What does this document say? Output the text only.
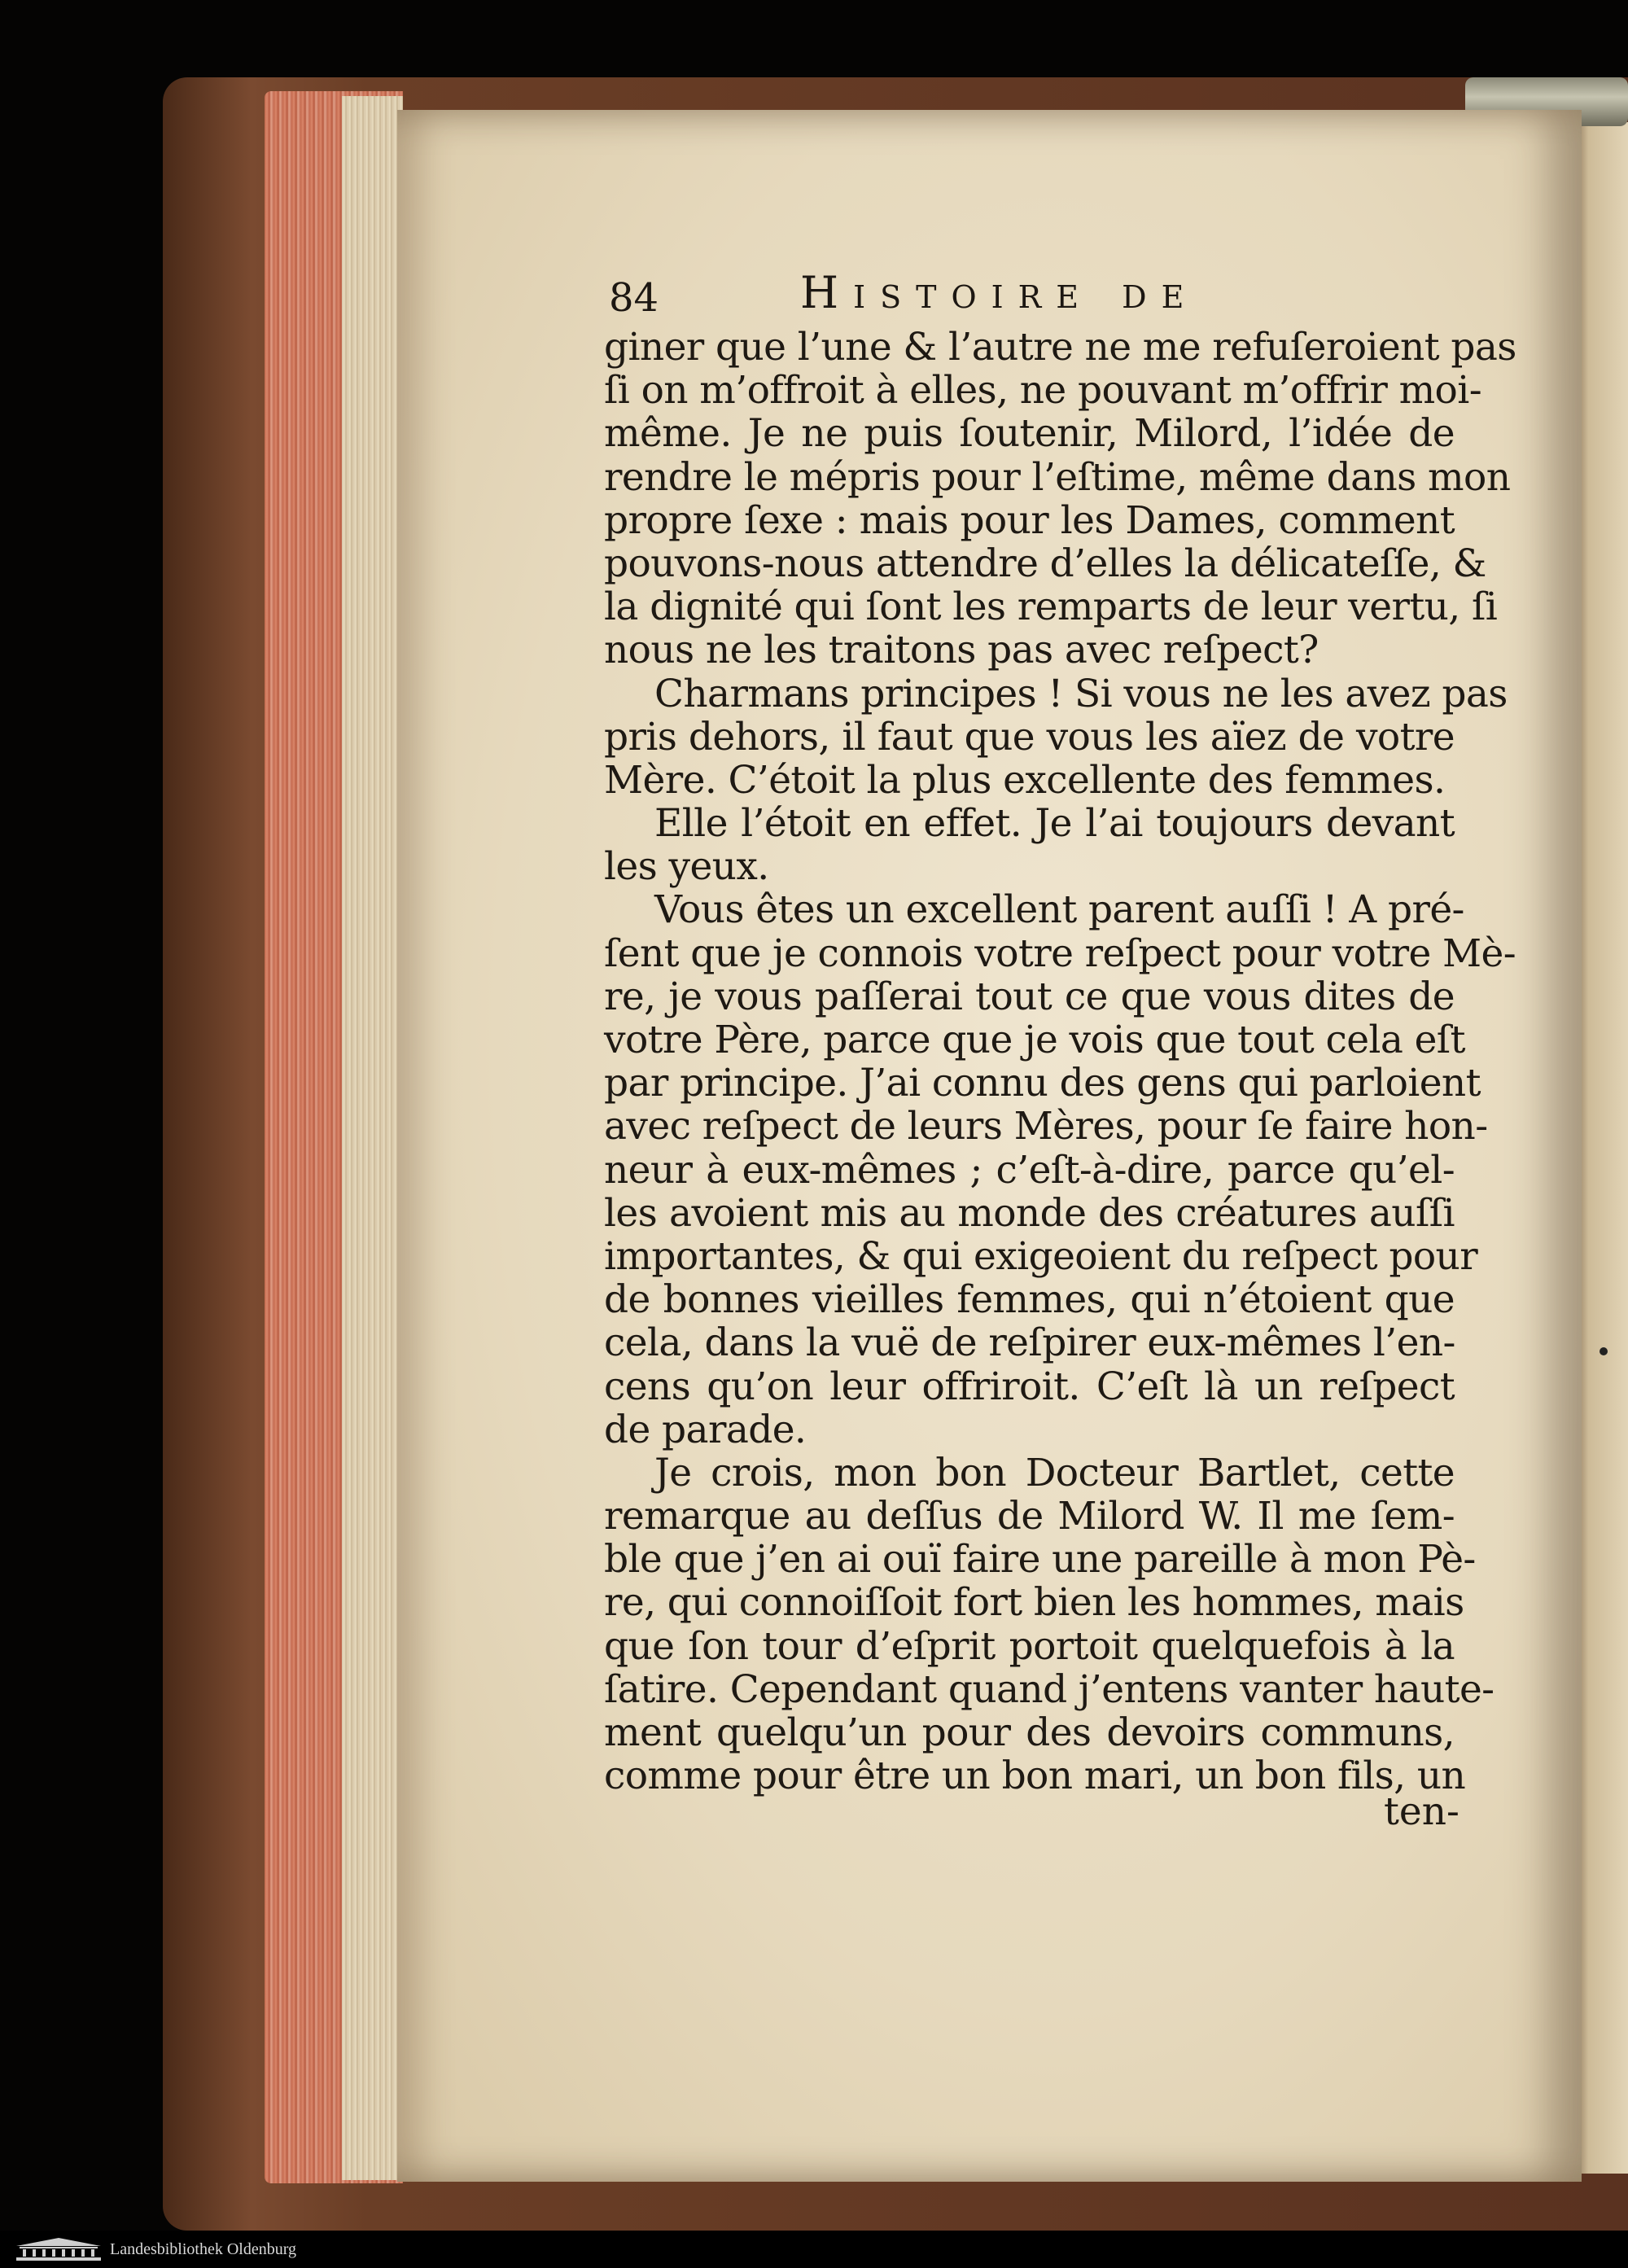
84	Histoire de
giner que l’une & l’autre ne me refuſeroient pas
ſi on m’offroit à elles, ne pouvant m’offrir moi-
même. Je ne puis ſoutenir, Milord, l’idée de
rendre le mépris pour l’eſtime, même dans mon
propre ſexe : mais pour les Dames, comment
pouvons-nous attendre d’elles la délicateſſe, &
la dignité qui ſont les remparts de leur vertu, ſi
nous ne les traitons pas avec reſpect?
Charmans principes ! Si vous ne les avez pas
pris dehors, il faut que vous les aïez de votre
Mère. C’étoit la plus excellente des femmes.
Elle l’étoit en effet. Je l’ai toujours devant
les yeux.
Vous êtes un excellent parent auſſi ! A pré-
ſent que je connois votre reſpect pour votre Mè-
re, je vous paſſerai tout ce que vous dites de
votre Père, parce que je vois que tout cela eſt
par principe. J’ai connu des gens qui parloient
avec reſpect de leurs Mères, pour ſe faire hon-
neur à eux-mêmes ; c’eſt-à-dire, parce qu’el-
les avoient mis au monde des créatures auſſi
importantes, & qui exigeoient du reſpect pour
de bonnes vieilles femmes, qui n’étoient que
cela, dans la vuë de reſpirer eux-mêmes l’en-
cens qu’on leur offriroit. C’eſt là un reſpect
de parade.
Je crois, mon bon Docteur Bartlet, cette
remarque au deſſus de Milord W. Il me ſem-
ble que j’en ai ouï faire une pareille à mon Pè-
re, qui connoiſſoit fort bien les hommes, mais
que ſon tour d’eſprit portoit quelquefois à la
ſatire. Cependant quand j’entens vanter haute-
ment quelqu’un pour des devoirs communs,
comme pour être un bon mari, un bon fils, un
ten-
Landesbibliothek Oldenburg
